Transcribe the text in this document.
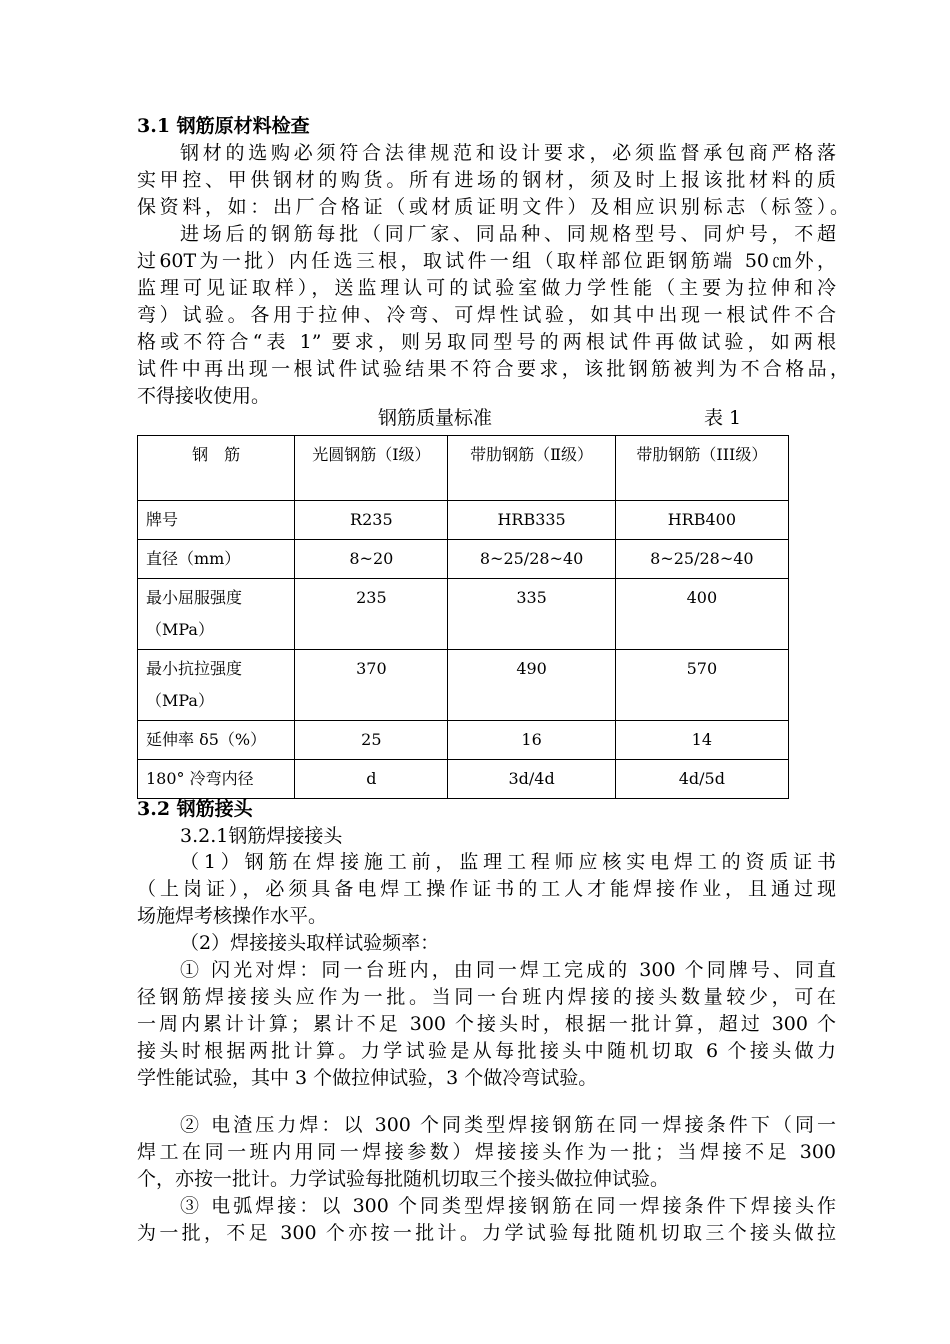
3.1 钢筋原材料检查
钢材的选购必须符合法律规范和设计要求，必须监督承包商严格落
实甲控、甲供钢材的购货。所有进场的钢材，须及时上报该批材料的质
保资料，如：出厂合格证（或材质证明文件）及相应识别标志（标签）。
进场后的钢筋每批（同厂家、同品种、同规格型号、同炉号，不超
过60T为一批）内任选三根，取试件一组（取样部位距钢筋端 50㎝外，
监理可见证取样），送监理认可的试验室做力学性能（主要为拉伸和冷
弯）试验。各用于拉伸、冷弯、可焊性试验，如其中出现一根试件不合
格或不符合“表 1” 要求，则另取同型号的两根试件再做试验，如两根
试件中再出现一根试件试验结果不符合要求，该批钢筋被判为不合格品，
不得接收使用。
钢筋质量标准	表 1
钢　筋	光圆钢筋（Ⅰ级）	带肋钢筋（Ⅱ级）	带肋钢筋（III级）
牌号	R235	HRB335	HRB400
直径（mm）	8~20	8~25/28~40	8~25/28~40
最小屈服强度（MPa）	235	335	400
最小抗拉强度（MPa）	370	490	570
延伸率 δ5（%）	25	16	14
180° 冷弯内径	d	3d/4d	4d/5d
3.2 钢筋接头
3.2.1钢筋焊接接头
（1）钢筋在焊接施工前，监理工程师应核实电焊工的资质证书
（上岗证），必须具备电焊工操作证书的工人才能焊接作业，且通过现
场施焊考核操作水平。
（2）焊接接头取样试验频率：
① 闪光对焊：同一台班内，由同一焊工完成的 300 个同牌号、同直
径钢筋焊接接头应作为一批。当同一台班内焊接的接头数量较少，可在
一周内累计计算；累计不足 300 个接头时，根据一批计算，超过 300 个
接头时根据两批计算。力学试验是从每批接头中随机切取 6 个接头做力
学性能试验，其中 3 个做拉伸试验，3 个做冷弯试验。
② 电渣压力焊：以 300 个同类型焊接钢筋在同一焊接条件下（同一
焊工在同一班内用同一焊接参数）焊接接头作为一批；当焊接不足 300
个，亦按一批计。力学试验每批随机切取三个接头做拉伸试验。
③ 电弧焊接：以 300 个同类型焊接钢筋在同一焊接条件下焊接头作
为一批，不足 300 个亦按一批计。力学试验每批随机切取三个接头做拉
